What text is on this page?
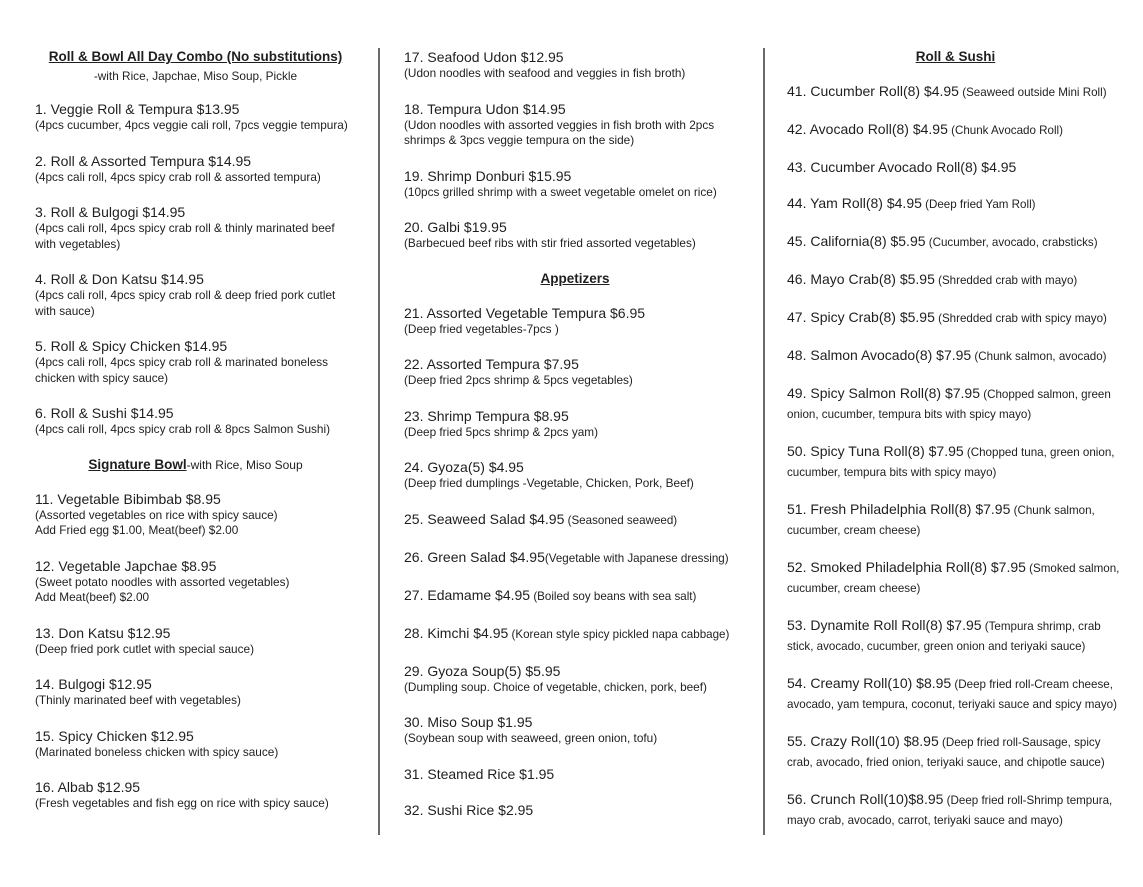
Roll & Bowl All Day Combo (No substitutions)
-with Rice, Japchae, Miso Soup, Pickle

1. Veggie Roll & Tempura $13.95

(4pcs cucumber, 4pcs veggie cali roll, 7pcs veggie tempura)

2. Roll & Assorted Tempura $14.95

(4pcs cali roll, 4pcs spicy crab roll & assorted tempura)

3. Roll & Bulgogi $14.95

(4pcs cali roll, 4pcs spicy crab roll & thinly marinated beef with vegetables)

4. Roll & Don Katsu $14.95

(4pcs cali roll, 4pcs spicy crab roll & deep fried pork cutlet with sauce)

5. Roll & Spicy Chicken $14.95

(4pcs cali roll, 4pcs spicy crab roll & marinated boneless chicken with spicy sauce)

6. Roll & Sushi $14.95

(4pcs cali roll, 4pcs spicy crab roll & 8pcs Salmon Sushi)

Signature Bowl-with Rice, Miso Soup

11. Vegetable Bibimbab $8.95

(Assorted vegetables on rice with spicy sauce)

Add Fried egg $1.00, Meat(beef) $2.00

12. Vegetable Japchae $8.95

(Sweet potato noodles with assorted vegetables)

Add Meat(beef) $2.00

13. Don Katsu $12.95

(Deep fried pork cutlet with special sauce)

14. Bulgogi $12.95

(Thinly marinated beef with vegetables)

15. Spicy Chicken $12.95

(Marinated boneless chicken with spicy sauce)

16. Albab $12.95

(Fresh vegetables and fish egg on rice with spicy sauce)

17. Seafood Udon $12.95

(Udon noodles with seafood and veggies in fish broth)

18. Tempura Udon $14.95

(Udon noodles with assorted veggies in fish broth with 2pcs shrimps & 3pcs veggie tempura on the side)

19. Shrimp Donburi $15.95

(10pcs grilled shrimp with a sweet vegetable omelet on rice)

20. Galbi $19.95

(Barbecued beef ribs with stir fried assorted vegetables)

Appetizers

21. Assorted Vegetable Tempura $6.95

(Deep fried vegetables-7pcs )

22. Assorted Tempura $7.95

(Deep fried 2pcs shrimp & 5pcs vegetables)

23. Shrimp Tempura $8.95

(Deep fried 5pcs shrimp & 2pcs yam)

24. Gyoza(5) $4.95

(Deep fried dumplings -Vegetable, Chicken, Pork, Beef)

25. Seaweed Salad $4.95 (Seasoned seaweed)

26. Green Salad $4.95(Vegetable with Japanese dressing)

27. Edamame $4.95 (Boiled soy beans with sea salt)

28. Kimchi $4.95 (Korean style spicy pickled napa cabbage)

29. Gyoza Soup(5) $5.95

(Dumpling soup. Choice of vegetable, chicken, pork, beef)

30. Miso Soup $1.95

(Soybean soup with seaweed, green onion, tofu)

31. Steamed Rice $1.95

32. Sushi Rice $2.95

Roll & Sushi

41. Cucumber Roll(8) $4.95 (Seaweed outside Mini Roll)

42. Avocado Roll(8) $4.95 (Chunk Avocado Roll)

43. Cucumber Avocado Roll(8) $4.95

44. Yam Roll(8) $4.95 (Deep fried Yam Roll)

45. California(8) $5.95 (Cucumber, avocado, crabsticks)

46. Mayo Crab(8) $5.95 (Shredded crab with mayo)

47. Spicy Crab(8) $5.95 (Shredded crab with spicy mayo)

48. Salmon Avocado(8) $7.95 (Chunk salmon, avocado)

49. Spicy Salmon Roll(8) $7.95 (Chopped salmon, green onion, cucumber, tempura bits with spicy mayo)

50. Spicy Tuna Roll(8) $7.95 (Chopped tuna, green onion, cucumber, tempura bits with spicy mayo)

51. Fresh Philadelphia Roll(8) $7.95 (Chunk salmon, cucumber, cream cheese)

52. Smoked Philadelphia Roll(8) $7.95 (Smoked salmon, cucumber, cream cheese)

53. Dynamite Roll Roll(8) $7.95 (Tempura shrimp, crab stick, avocado, cucumber, green onion and teriyaki sauce)

54. Creamy Roll(10) $8.95 (Deep fried roll-Cream cheese, avocado, yam tempura, coconut, teriyaki sauce and spicy mayo)

55. Crazy Roll(10) $8.95 (Deep fried roll-Sausage, spicy crab, avocado, fried onion, teriyaki sauce, and chipotle sauce)

56. Crunch Roll(10)$8.95 (Deep fried roll-Shrimp tempura, mayo crab, avocado, carrot, teriyaki sauce and mayo)
